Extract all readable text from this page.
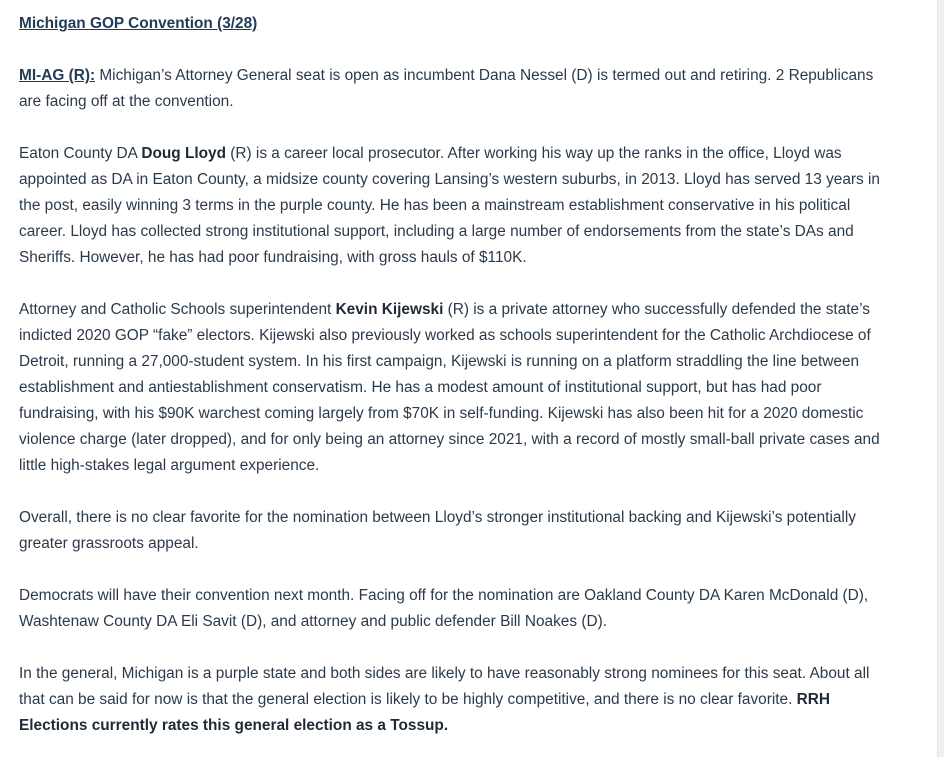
Michigan GOP Convention (3/28)

MI-AG (R): Michigan’s Attorney General seat is open as incumbent Dana Nessel (D) is termed out and retiring. 2 Republicans are facing off at the convention.

Eaton County DA Doug Lloyd (R) is a career local prosecutor. After working his way up the ranks in the office, Lloyd was appointed as DA in Eaton County, a midsize county covering Lansing’s western suburbs, in 2013. Lloyd has served 13 years in the post, easily winning 3 terms in the purple county. He has been a mainstream establishment conservative in his political career. Lloyd has collected strong institutional support, including a large number of endorsements from the state’s DAs and Sheriffs. However, he has had poor fundraising, with gross hauls of $110K.

Attorney and Catholic Schools superintendent Kevin Kijewski (R) is a private attorney who successfully defended the state’s indicted 2020 GOP “fake” electors. Kijewski also previously worked as schools superintendent for the Catholic Archdiocese of Detroit, running a 27,000-student system. In his first campaign, Kijewski is running on a platform straddling the line between establishment and antiestablishment conservatism. He has a modest amount of institutional support, but has had poor fundraising, with his $90K warchest coming largely from $70K in self-funding. Kijewski has also been hit for a 2020 domestic violence charge (later dropped), and for only being an attorney since 2021, with a record of mostly small-ball private cases and little high-stakes legal argument experience.

Overall, there is no clear favorite for the nomination between Lloyd’s stronger institutional backing and Kijewski’s potentially greater grassroots appeal.

Democrats will have their convention next month. Facing off for the nomination are Oakland County DA Karen McDonald (D), Washtenaw County DA Eli Savit (D), and attorney and public defender Bill Noakes (D).

In the general, Michigan is a purple state and both sides are likely to have reasonably strong nominees for this seat. About all that can be said for now is that the general election is likely to be highly competitive, and there is no clear favorite. RRH Elections currently rates this general election as a Tossup.
